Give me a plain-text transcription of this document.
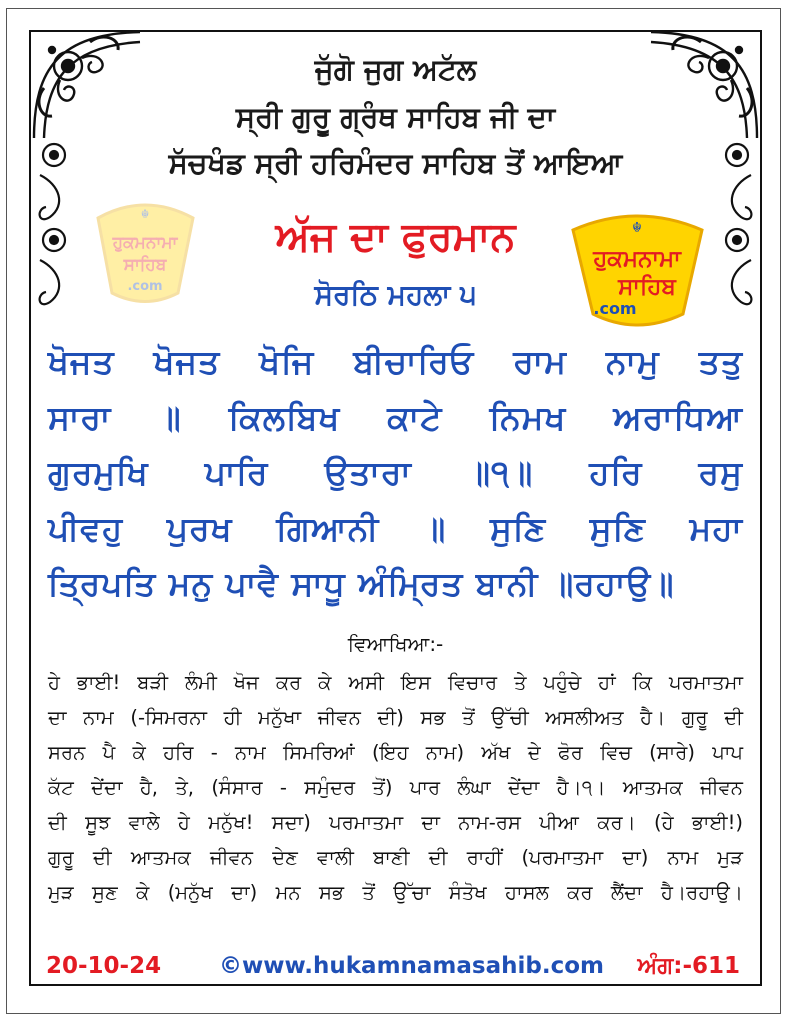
ਜੁੱਗੋ ਜੁਗ ਅਟੱਲ
ਸ੍ਰੀ ਗੁਰੂ ਗ੍ਰੰਥ ਸਾਹਿਬ ਜੀ ਦਾ
ਸੱਚਖੰਡ ਸ੍ਰੀ ਹਰਿਮੰਦਰ ਸਾਹਿਬ ਤੋਂ ਆਇਆ
☬
ਹੁਕਮਨਾਮਾ
ਸਾਹਿਬ
.com
☬
ਹੁਕਮਨਾਮਾ
ਸਾਹਿਬ
.com
ਅੱਜ ਦਾ ਫੁਰਮਾਨ
ਸੋਰਠਿ ਮਹਲਾ ੫
ਖੋਜਤ ਖੋਜਤ ਖੋਜਿ ਬੀਚਾਰਿਓ ਰਾਮ ਨਾਮੁ ਤਤੁ
ਸਾਰਾ ॥ ਕਿਲਬਿਖ ਕਾਟੇ ਨਿਮਖ ਅਰਾਧਿਆ
ਗੁਰਮੁਖਿ ਪਾਰਿ ਉਤਾਰਾ ॥੧॥ ਹਰਿ ਰਸੁ
ਪੀਵਹੁ ਪੁਰਖ ਗਿਆਨੀ ॥ ਸੁਣਿ ਸੁਣਿ ਮਹਾ
ਤ੍ਰਿਪਤਿ ਮਨੁ ਪਾਵੈ ਸਾਧੂ ਅੰਮ੍ਰਿਤ ਬਾਨੀ ॥ਰਹਾਉ॥
ਵਿਆਖਿਆ:-
ਹੇ ਭਾਈ! ਬੜੀ ਲੰਮੀ ਖੋਜ ਕਰ ਕੇ ਅਸੀ ਇਸ ਵਿਚਾਰ ਤੇ ਪਹੁੰਚੇ ਹਾਂ ਕਿ ਪਰਮਾਤਮਾ
ਦਾ ਨਾਮ (-ਸਿਮਰਨਾ ਹੀ ਮਨੁੱਖਾ ਜੀਵਨ ਦੀ) ਸਭ ਤੋਂ ਉੱਚੀ ਅਸਲੀਅਤ ਹੈ। ਗੁਰੂ ਦੀ
ਸਰਨ ਪੈ ਕੇ ਹਰਿ - ਨਾਮ ਸਿਮਰਿਆਂ (ਇਹ ਨਾਮ) ਅੱਖ ਦੇ ਫੋਰ ਵਿਚ (ਸਾਰੇ) ਪਾਪ
ਕੱਟ ਦੇਂਦਾ ਹੈ, ਤੇ, (ਸੰਸਾਰ - ਸਮੁੰਦਰ ਤੋਂ) ਪਾਰ ਲੰਘਾ ਦੇਂਦਾ ਹੈ।੧। ਆਤਮਕ ਜੀਵਨ
ਦੀ ਸੂਝ ਵਾਲੇ ਹੇ ਮਨੁੱਖ! ਸਦਾ) ਪਰਮਾਤਮਾ ਦਾ ਨਾਮ-ਰਸ ਪੀਆ ਕਰ। (ਹੇ ਭਾਈ!)
ਗੁਰੂ ਦੀ ਆਤਮਕ ਜੀਵਨ ਦੇਣ ਵਾਲੀ ਬਾਣੀ ਦੀ ਰਾਹੀਂ (ਪਰਮਾਤਮਾ ਦਾ) ਨਾਮ ਮੁੜ
ਮੁੜ ਸੁਣ ਕੇ (ਮਨੁੱਖ ਦਾ) ਮਨ ਸਭ ਤੋਂ ਉੱਚਾ ਸੰਤੋਖ ਹਾਸਲ ਕਰ ਲੈਂਦਾ ਹੈ।ਰਹਾਉ।
20-10-24	©www.hukamnamasahib.com ਅੰਗ:-611
